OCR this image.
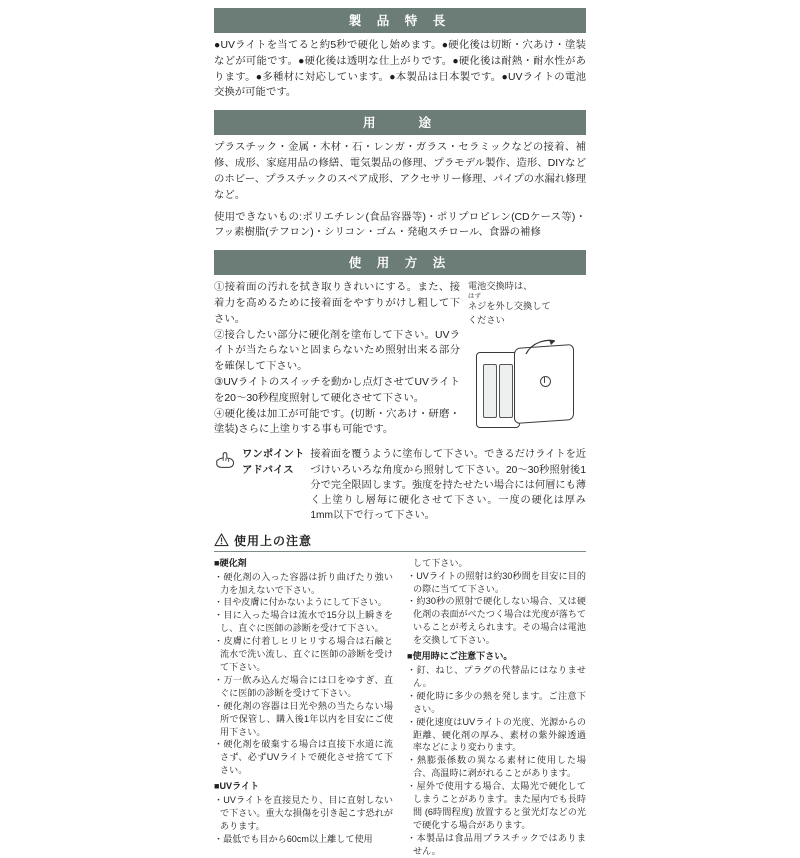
製 品 特 長

●UVライトを当てると約5秒で硬化し始めます。●硬化後は切断・穴あけ・塗装などが可能です。●硬化後は透明な仕上がりです。●硬化後は耐熱・耐水性があります。●多種材に対応しています。●本製品は日本製です。●UVライトの電池交換が可能です。

用　　途

プラスチック・金属・木材・石・レンガ・ガラス・セラミックなどの接着、補修、成形、家庭用品の修繕、電気製品の修理、プラモデル製作、造形、DIYなどのホビー、プラスチックのスペア成形、アクセサリー修理、パイプの水漏れ修理など。

使用できないもの:ポリエチレン(食品容器等)・ポリプロピレン(CDケース等)・フッ素樹脂(テフロン)・シリコン・ゴム・発砲スチロール、食器の補修

使 用 方 法

①接着面の汚れを拭き取りきれいにする。また、接着力を高めるために接着面をやすりがけし粗して下さい。

②接合したい部分に硬化剤を塗布して下さい。UVライトが当たらないと固まらないため照射出来る部分を確保して下さい。

③UVライトのスイッチを動かし点灯させてUVライトを20〜30秒程度照射して硬化させて下さい。

④硬化後は加工が可能です。(切断・穴あけ・研磨・塗装)さらに上塗りする事も可能です。

電池交換時は、
はず
ネジを外し交換して
ください
ワンポイント
アドバイス
接着面を覆うように塗布して下さい。できるだけライトを近づけいろいろな角度から照射して下さい。20〜30秒照射後1分で完全限固します。強度を持たせたい場合には何層にも薄く上塗りし層毎に硬化させて下さい。一度の硬化は厚み1mm以下で行って下さい。
使用上の注意
■硬化剤
・硬化剤の入った容器は折り曲げたり強い力を加えないで下さい。
・目や皮膚に付かないようにして下さい。
・目に入った場合は流水で15分以上瞬きをし、直ぐに医師の診断を受けて下さい。
・皮膚に付着しヒリヒリする場合は石鹸と流水で洗い流し、直ぐに医師の診断を受けて下さい。
・万一飲み込んだ場合には口をゆすぎ、直ぐに医師の診断を受けて下さい。
・硬化剤の容器は日光や熱の当たらない場所で保管し、購入後1年以内を目安にご使用下さい。
・硬化剤を破棄する場合は直接下水道に流さず、必ずUVライトで硬化させ捨てて下さい。
■UVライト
・UVライトを直接見たり、目に直射しないで下さい。重大な損傷を引き起こす恐れがあります。
・最低でも目から60cm以上離して使用
して下さい。
・UVライトの照射は約30秒間を目安に目的の際に当てて下さい。
・約30秒の照射で硬化しない場合、又は硬化剤の表面がべたつく場合は光度が落ちていることが考えられます。その場合は電池を交換して下さい。
■使用時にご注意下さい。
・釘、ねじ、プラグの代替品にはなりません。
・硬化時に多少の熱を発します。ご注意下さい。
・硬化速度はUVライトの光度、光源からの距離、硬化剤の厚み、素材の紫外線透過率などにより変わります。
・熱膨張係数の異なる素材に使用した場合、高温時に剥がれることがあります。
・屋外で使用する場合、太陽光で硬化してしまうことがあります。また屋内でも長時間 (6時間程度) 放置すると蛍光灯などの光で硬化する場合があります。
・本製品は食品用プラスチックではありません。
